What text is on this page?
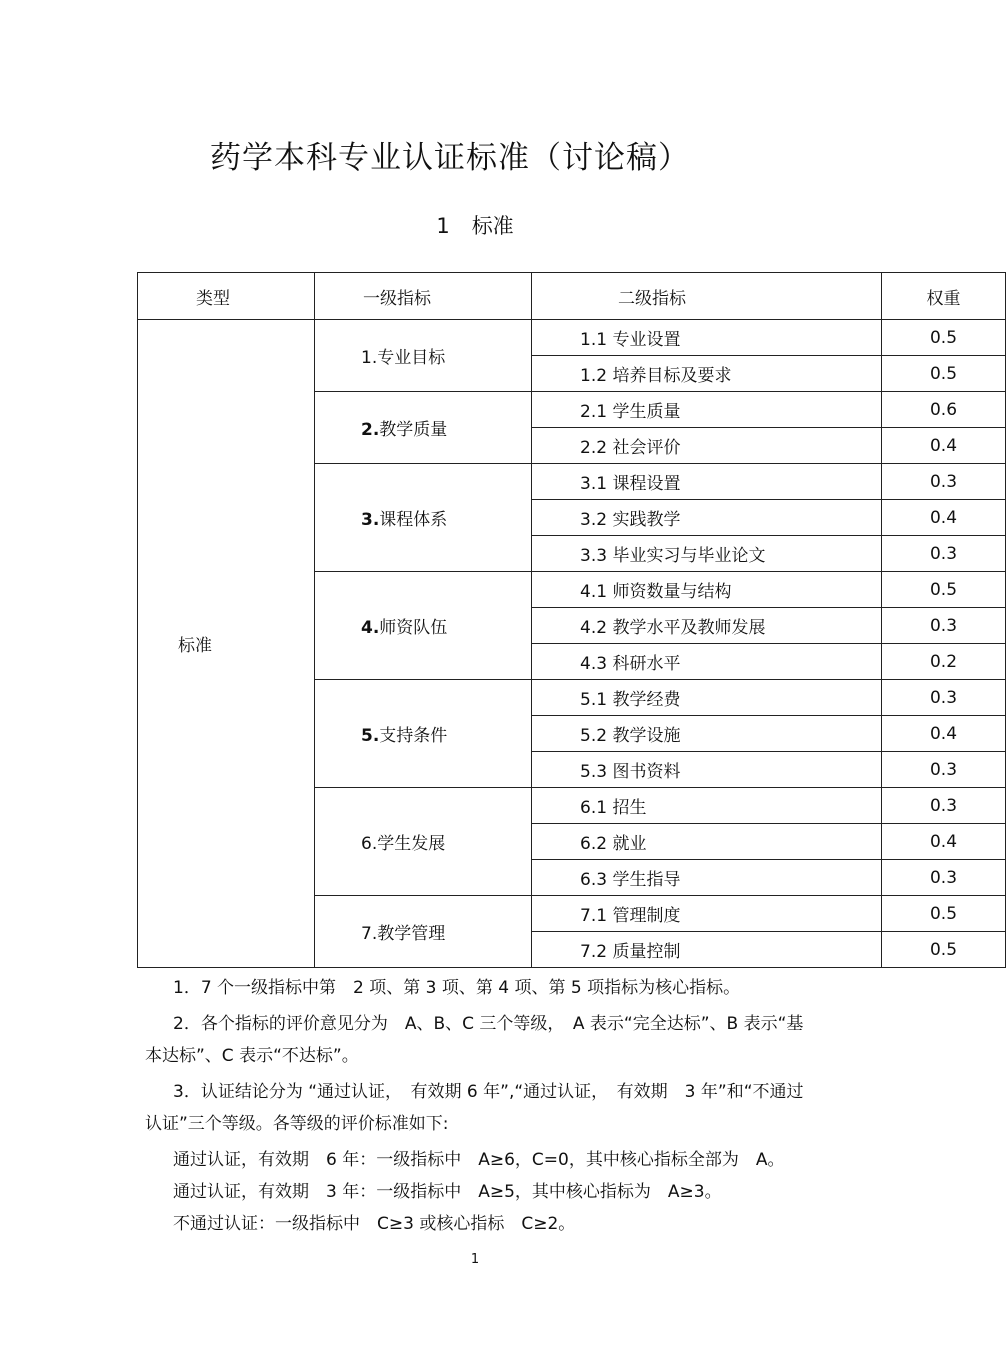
药学本科专业认证标准（讨论稿）
1 标准
类型	一级指标	二级指标	权重
标准	1.专业目标	1.1 专业设置	0.5
		1.2 培养目标及要求	0.5
	2.教学质量	2.1 学生质量	0.6
		2.2 社会评价	0.4
	3.课程体系	3.1 课程设置	0.3
		3.2 实践教学	0.4
		3.3 毕业实习与毕业论文	0.3
	4.师资队伍	4.1 师资数量与结构	0.5
		4.2 教学水平及教师发展	0.3
		4.3 科研水平	0.2
	5.支持条件	5.1 教学经费	0.3
		5.2 教学设施	0.4
		5.3 图书资料	0.3
	6.学生发展	6.1 招生	0.3
		6.2 就业	0.4
		6.3 学生指导	0.3
	7.教学管理	7.1 管理制度	0.5
		7.2 质量控制	0.5

1．7 个一级指标中第　2 项、第 3 项、第 4 项、第 5 项指标为核心指标。

2．各个指标的评价意见分为　A、B、C 三个等级，　A 表示“完全达标”、B 表示“基本达标”、C 表示“不达标”。

3．认证结论分为 “通过认证，　有效期 6 年”,“通过认证，　有效期　3 年”和“不通过认证”三个等级。各等级的评价标准如下:

通过认证，有效期　6 年：一级指标中　A≥6，C=0，其中核心指标全部为　A。

通过认证，有效期　3 年：一级指标中　A≥5，其中核心指标为　A≥3。

不通过认证：一级指标中　C≥3 或核心指标　C≥2。

1
